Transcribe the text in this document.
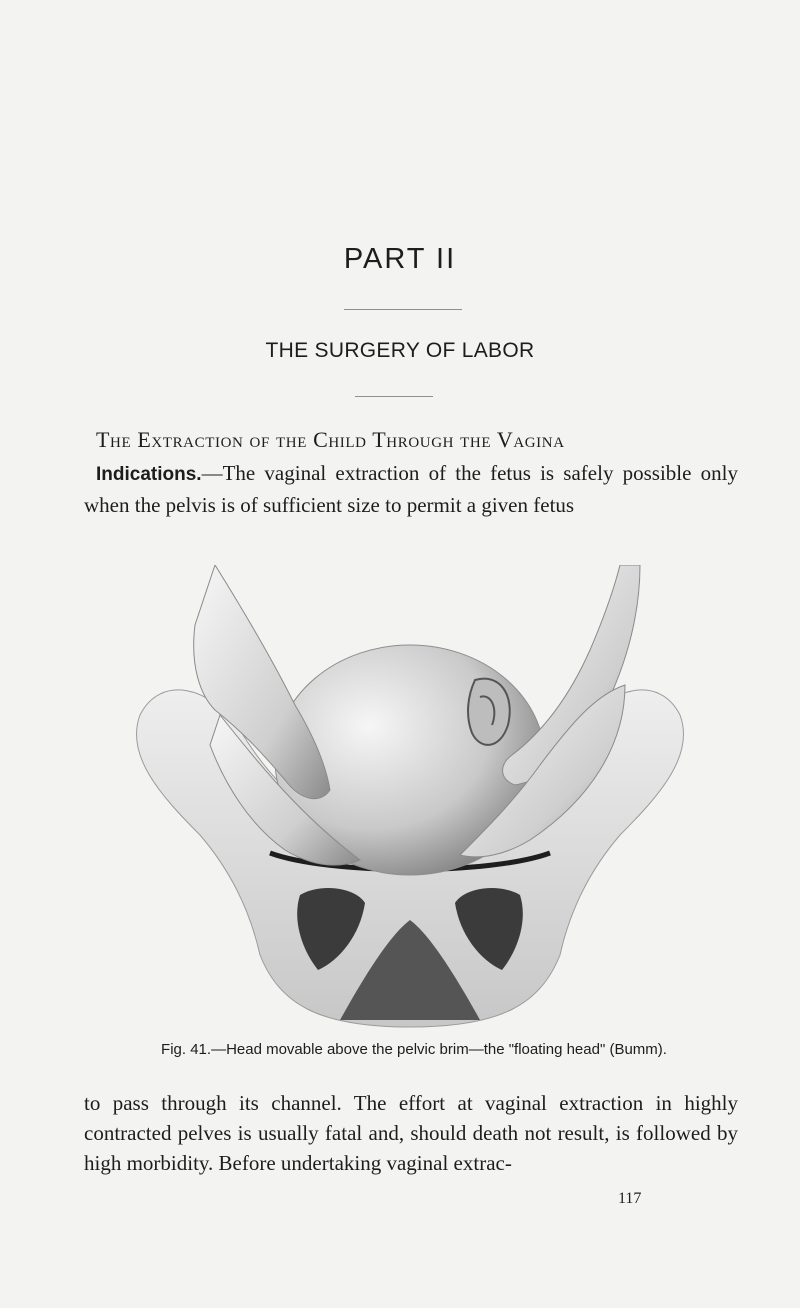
PART II
THE SURGERY OF LABOR
The Extraction of the Child Through the Vagina
Indications.—The vaginal extraction of the fetus is safely possible only when the pelvis is of sufficient size to permit a given fetus
Fig. 41.—Head movable above the pelvic brim—the "floating head" (Bumm).
to pass through its channel. The effort at vaginal extraction in highly contracted pelves is usually fatal and, should death not result, is followed by high morbidity. Before undertaking vaginal extrac-
117
